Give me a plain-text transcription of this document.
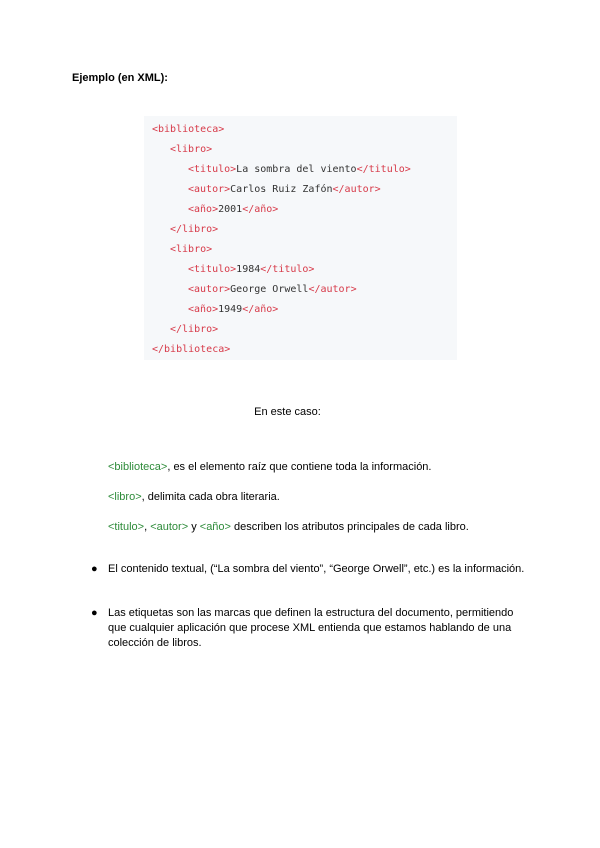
Ejemplo (en XML):

<biblioteca>
<libro>
<titulo>La sombra del viento</titulo>
<autor>Carlos Ruiz Zafón</autor>
<año>2001</año>
</libro>
<libro>
<titulo>1984</titulo>
<autor>George Orwell</autor>
<año>1949</año>
</libro>
</biblioteca>
En este caso:
<biblioteca>, es el elemento raíz que contiene toda la información.
<libro>, delimita cada obra literaria.
<titulo>, <autor> y <año> describen los atributos principales de cada libro.
● El contenido textual, (“La sombra del viento”, “George Orwell”, etc.) es la información.
● Las etiquetas son las marcas que definen la estructura del documento, permitiendo que cualquier aplicación que procese XML entienda que estamos hablando de una colección de libros.
